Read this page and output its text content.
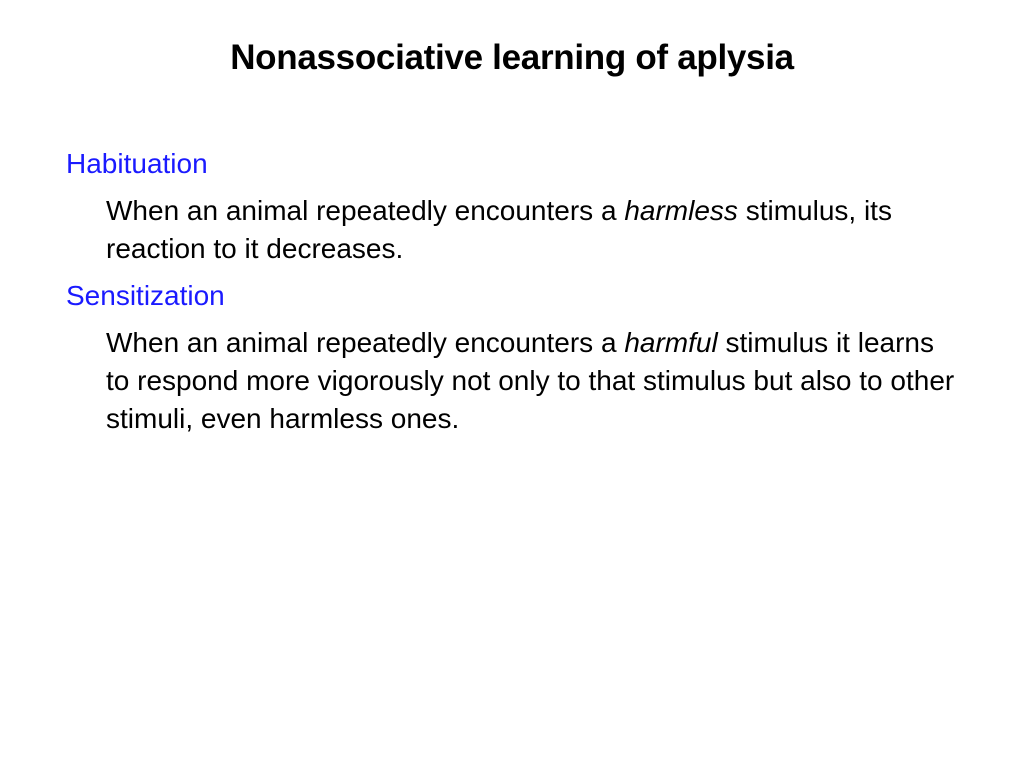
Nonassociative learning of aplysia

Habituation

When an animal repeatedly encounters a harmless stimulus, its reaction to it decreases.

Sensitization

When an animal repeatedly encounters a harmful stimulus it learns to respond more vigorously not only to that stimulus but also to other stimuli, even harmless ones.
